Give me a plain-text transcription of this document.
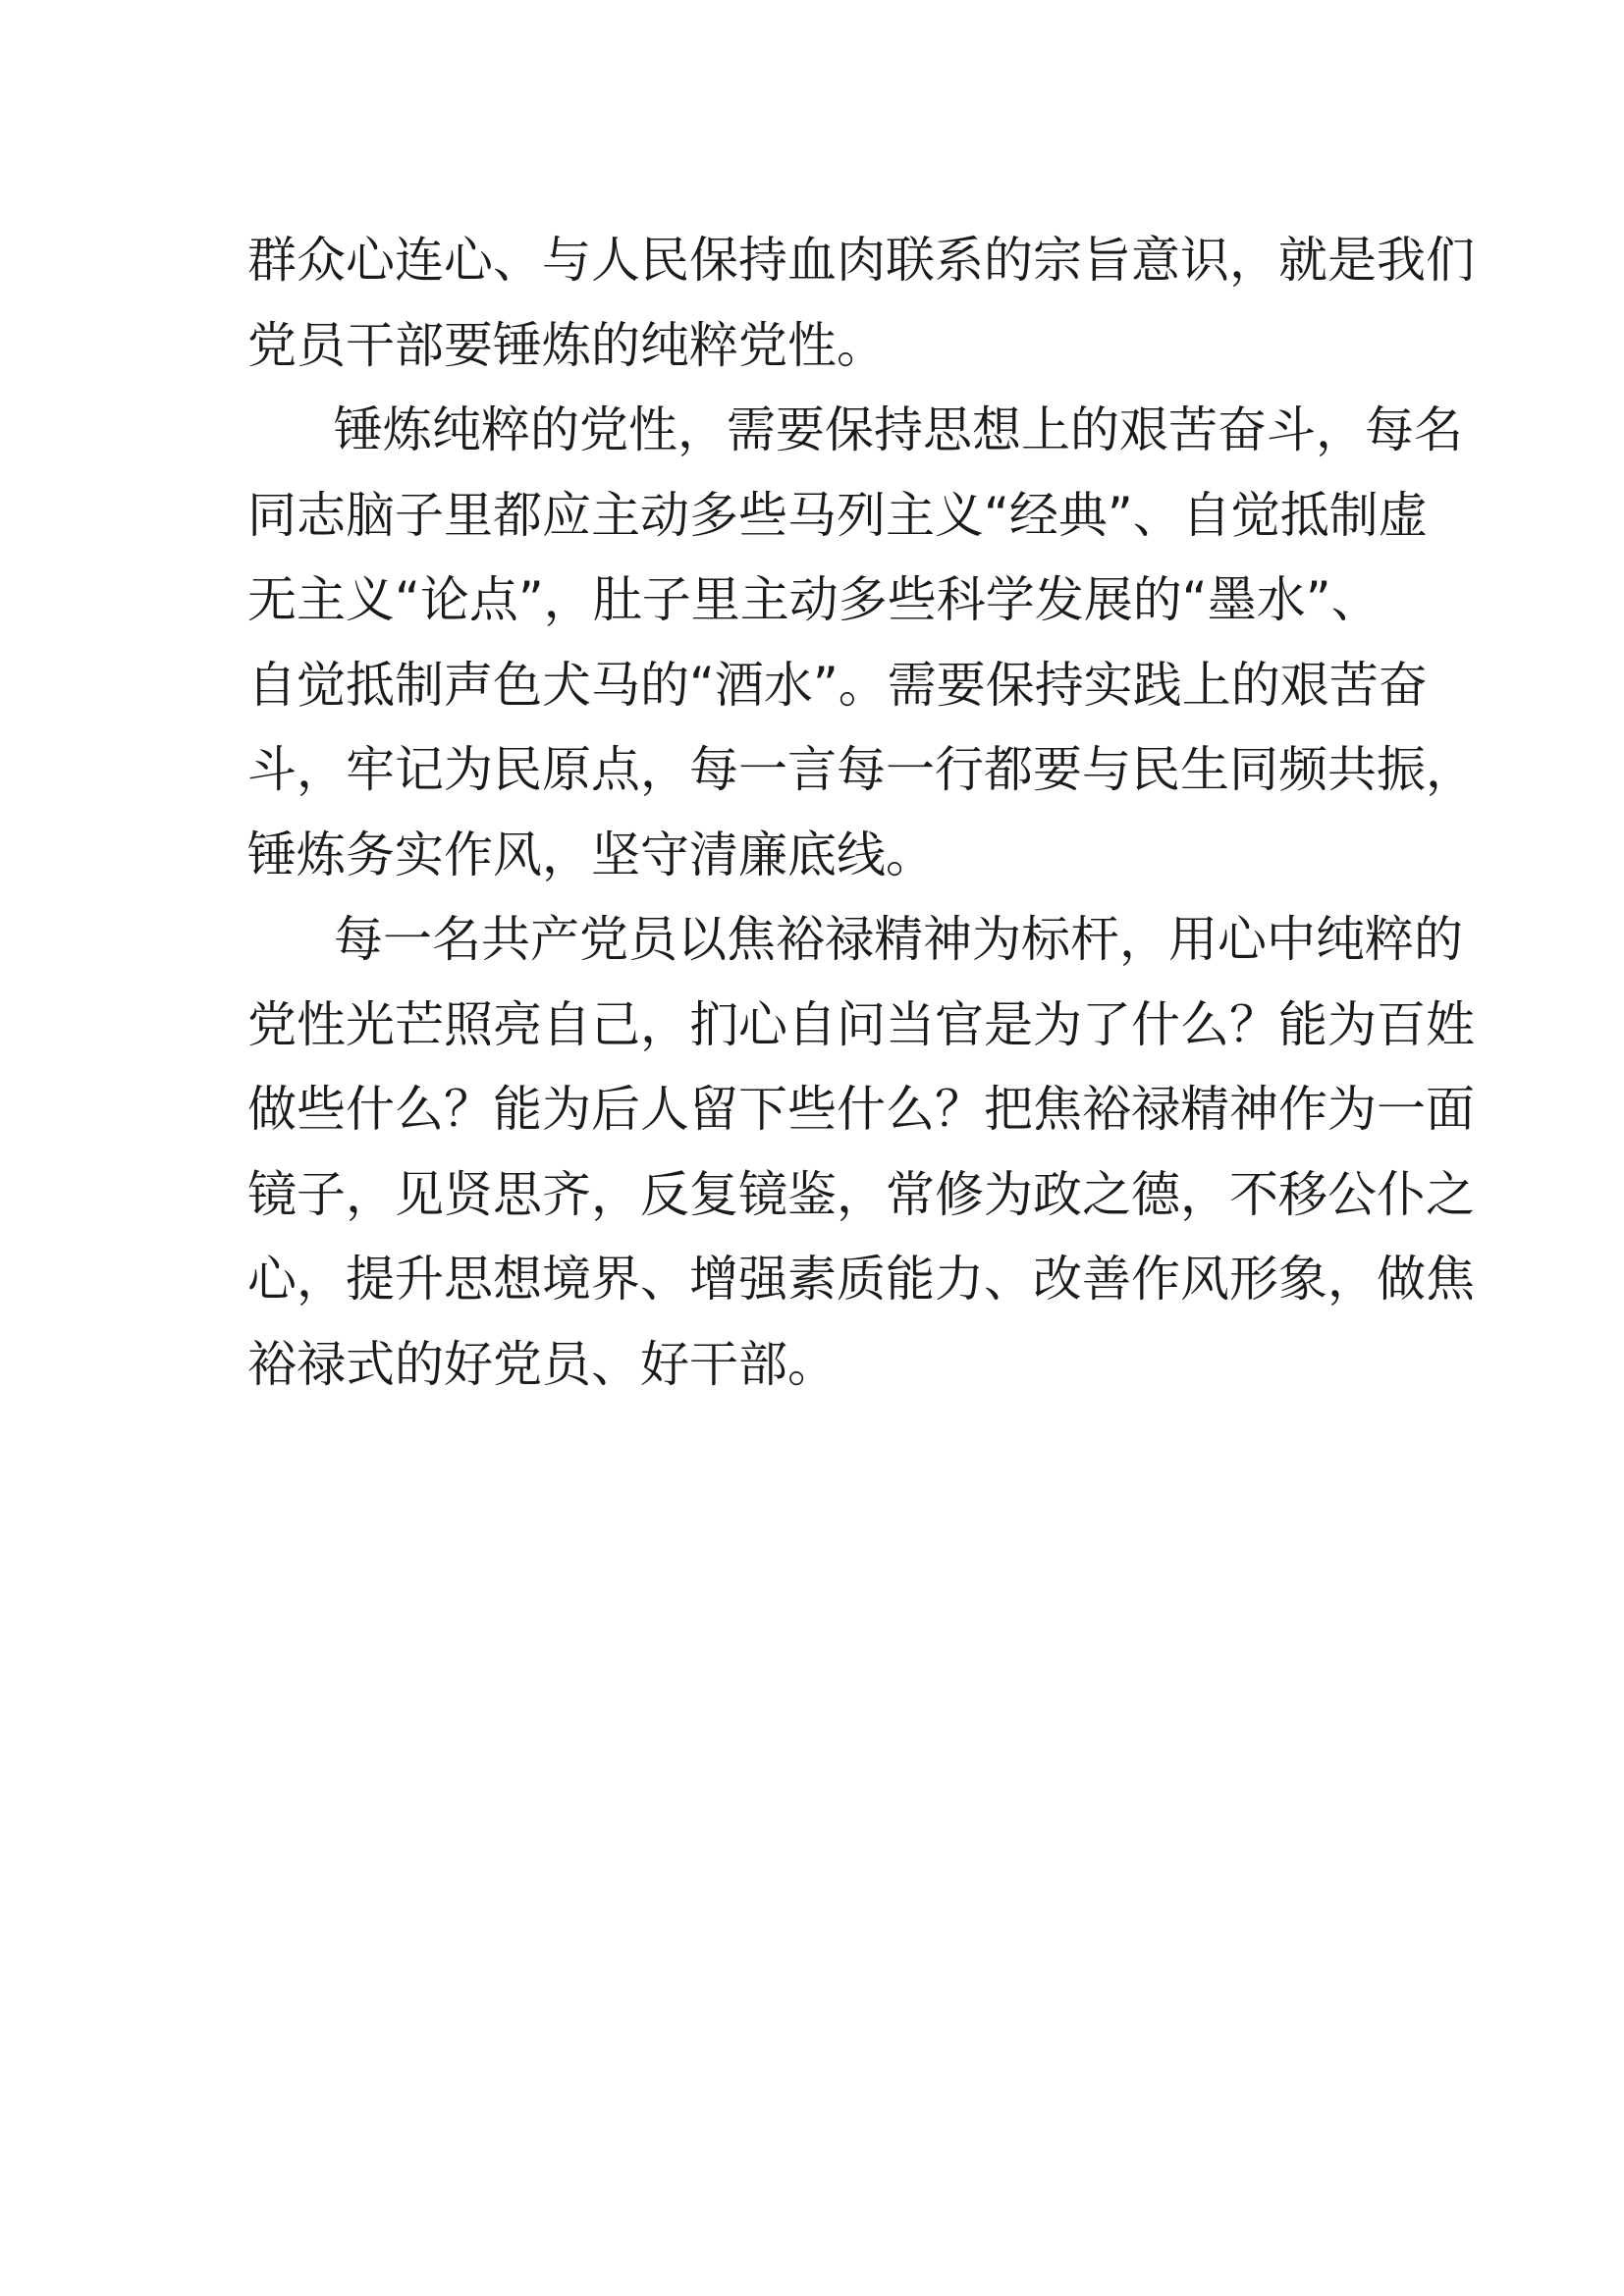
群众心连心、与人民保持血肉联系的宗旨意识，就是我们
党员干部要锤炼的纯粹党性。
锤炼纯粹的党性，需要保持思想上的艰苦奋斗，每名
同志脑子里都应主动多些马列主义“经典”、自觉抵制虚
无主义“论点”，肚子里主动多些科学发展的“墨水”、
自觉抵制声色犬马的“酒水”。需要保持实践上的艰苦奋
斗，牢记为民原点，每一言每一行都要与民生同频共振，
锤炼务实作风，坚守清廉底线。
每一名共产党员以焦裕禄精神为标杆，用心中纯粹的
党性光芒照亮自己，扪心自问当官是为了什么？能为百姓
做些什么？能为后人留下些什么？把焦裕禄精神作为一面
镜子，见贤思齐，反复镜鉴，常修为政之德，不移公仆之
心，提升思想境界、增强素质能力、改善作风形象，做焦
裕禄式的好党员、好干部。
